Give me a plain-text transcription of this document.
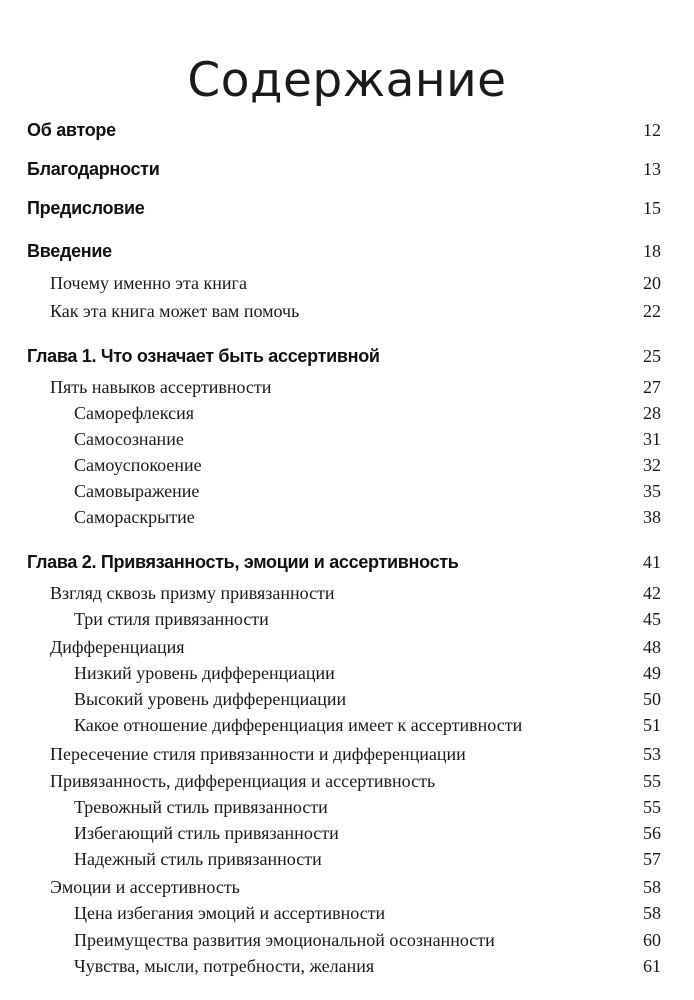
Содержание
Об авторе	12
Благодарности	13
Предисловие	15
Введение	18
Почему именно эта книга	20
Как эта книга может вам помочь	22
Глава 1. Что означает быть ассертивной	25
Пять навыков ассертивности	27
Саморефлексия	28
Самосознание	31
Самоуспокоение	32
Самовыражение	35
Самораскрытие	38
Глава 2. Привязанность, эмоции и ассертивность	41
Взгляд сквозь призму привязанности	42
Три стиля привязанности	45
Дифференциация	48
Низкий уровень дифференциации	49
Высокий уровень дифференциации	50
Какое отношение дифференциация имеет к ассертивности	51
Пересечение стиля привязанности и дифференциации	53
Привязанность, дифференциация и ассертивность	55
Тревожный стиль привязанности	55
Избегающий стиль привязанности	56
Надежный стиль привязанности	57
Эмоции и ассертивность	58
Цена избегания эмоций и ассертивности	58
Преимущества развития эмоциональной осознанности	60
Чувства, мысли, потребности, желания	61
